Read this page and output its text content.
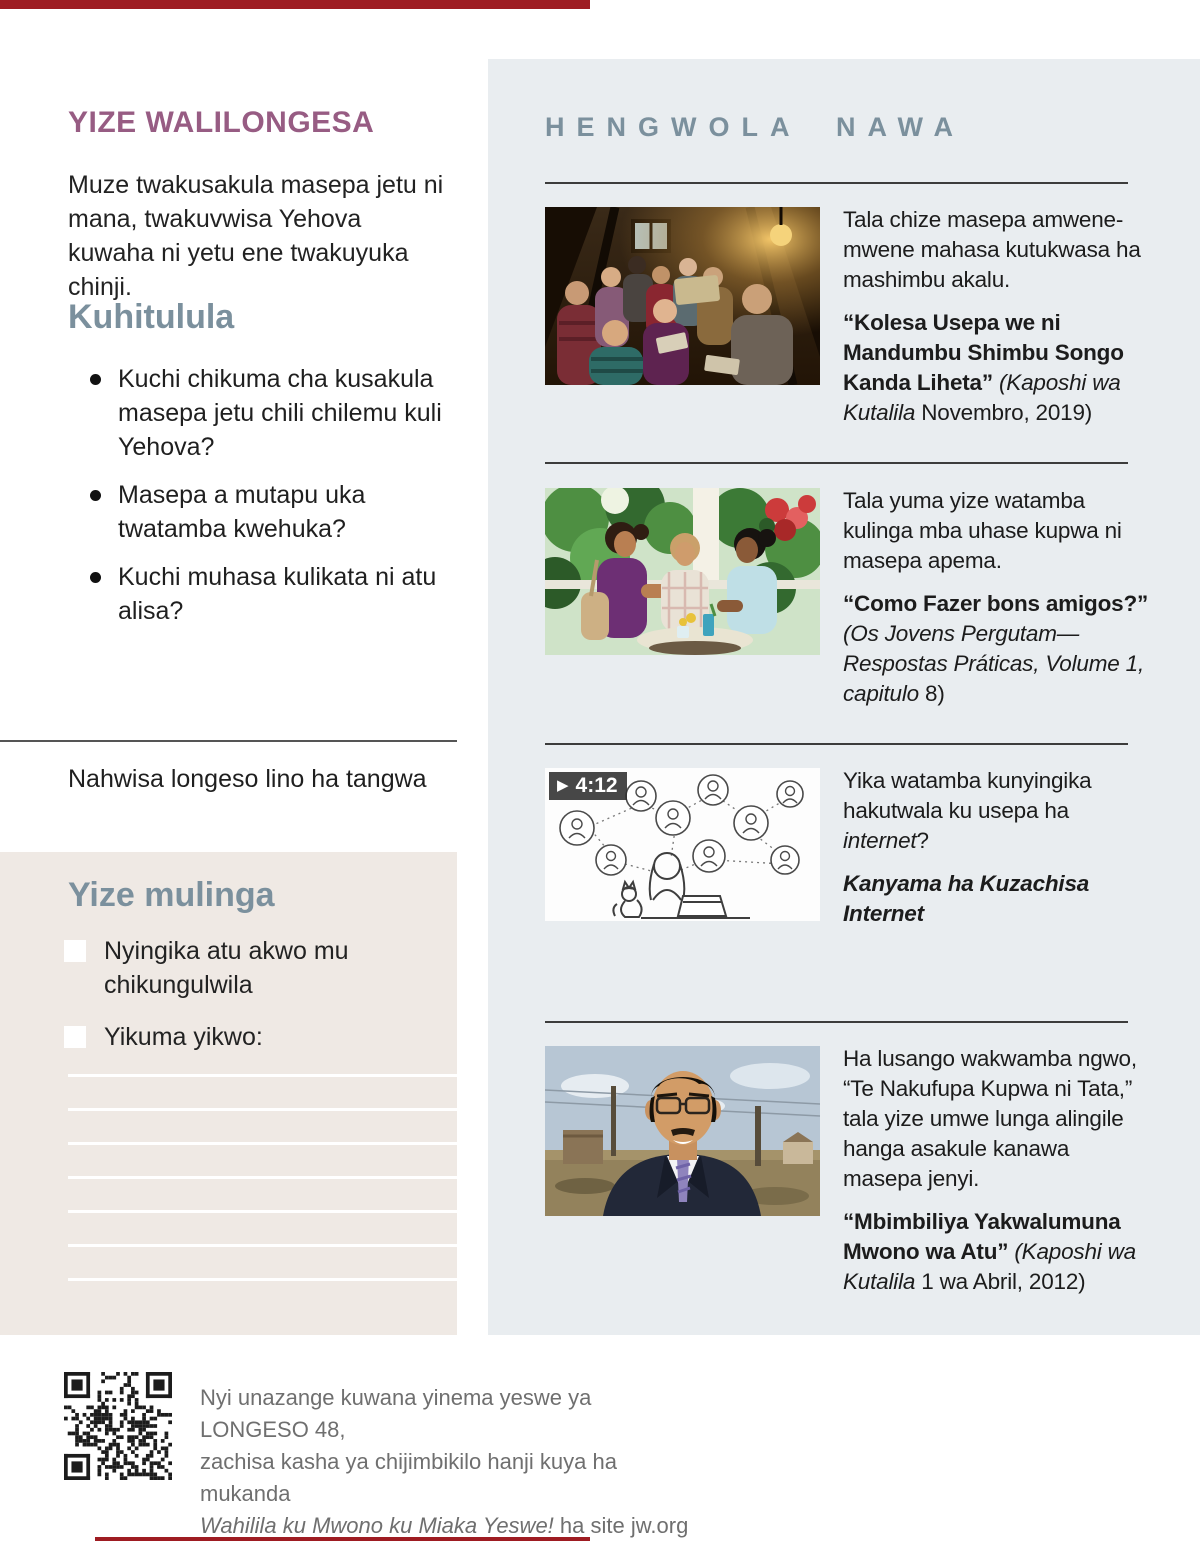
YIZE WALILONGESA
Muze twakusakula masepa jetu ni mana, twakuvwisa Yehova kuwaha ni yetu ene twakuyuka chinji.
Kuhitulula
Kuchi chikuma cha kusakula masepa jetu chili chilemu kuli Yehova?
Masepa a mutapu uka twatamba kwehuka?
Kuchi muhasa kulikata ni atu alisa?
Nahwisa longeso lino ha tangwa
Yize mulinga
Nyingika atu akwo mu chikungulwila
Yikuma yikwo:
HENGWOLA NAWA

Tala chize masepa amwene-mwene mahasa kutukwasa ha mashimbu akalu.

“Kolesa Usepa we ni Mandumbu Shimbu Songo Kanda Liheta” (Kaposhi wa Kutalila Novembro, 2019)

Tala yuma yize watamba kulinga mba uhase kupwa ni masepa apema.

“Como Fazer bons amigos?” (Os Jovens Pergutam—Respostas Práticas, Volume 1, capitulo 8)

▶ 4:12	Yika watamba kunyingika hakutwala ku usepa ha internet?

Kanyama ha Kuzachisa Internet

Ha lusango wakwamba ngwo, “Te Nakufupa Kupwa ni Tata,” tala yize umwe lunga alingile hanga asakule kanawa masepa jenyi.

“Mbimbiliya Yakwalumuna Mwono wa Atu” (Kaposhi wa Kutalila 1 wa Abril, 2012)

Nyi unazange kuwana yinema yeswe ya LONGESO 48,
zachisa kasha ya chijimbikilo hanji kuya ha mukanda
Wahilila ku Mwono ku Miaka Yeswe! ha site jw.org
